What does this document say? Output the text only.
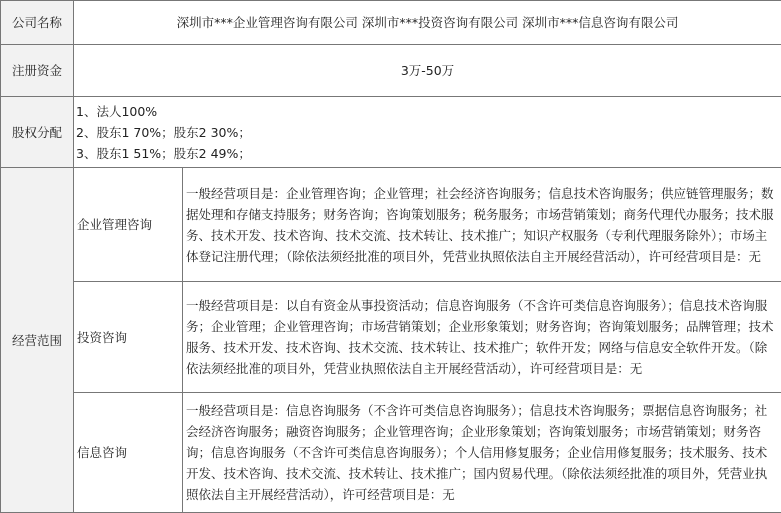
公司名称	深圳市***企业管理咨询有限公司 深圳市***投资咨询有限公司 深圳市***信息咨询有限公司	
注册资金	3万-50万	
股权分配	1、法人100%
2、股东1 70%；股东2 30%；
3、股东1 51%；股东2 49%；	

经营范围	企业管理咨询	一般经营项目是：企业管理咨询；企业管理；社会经济咨询服务；信息技术咨询服务；供应链管理服务；数据处理和存储支持服务；财务咨询；咨询策划服务；税务服务；市场营销策划；商务代理代办服务；技术服务、技术开发、技术咨询、技术交流、技术转让、技术推广；知识产权服务（专利代理服务除外）；市场主体登记注册代理；（除依法须经批准的项目外，凭营业执照依法自主开展经营活动），许可经营项目是：无
	投资咨询	一般经营项目是：以自有资金从事投资活动；信息咨询服务（不含许可类信息咨询服务）；信息技术咨询服务；企业管理；企业管理咨询；市场营销策划；企业形象策划；财务咨询；咨询策划服务；品牌管理；技术服务、技术开发、技术咨询、技术交流、技术转让、技术推广；软件开发；网络与信息安全软件开发。（除依法须经批准的项目外，凭营业执照依法自主开展经营活动），许可经营项目是：无
	信息咨询	一般经营项目是：信息咨询服务（不含许可类信息咨询服务）；信息技术咨询服务；票据信息咨询服务；社会经济咨询服务；融资咨询服务；企业管理咨询；企业形象策划；咨询策划服务；市场营销策划；财务咨询；信息咨询服务（不含许可类信息咨询服务）；个人信用修复服务；企业信用修复服务；技术服务、技术开发、技术咨询、技术交流、技术转让、技术推广；国内贸易代理。（除依法须经批准的项目外，凭营业执照依法自主开展经营活动），许可经营项目是：无
